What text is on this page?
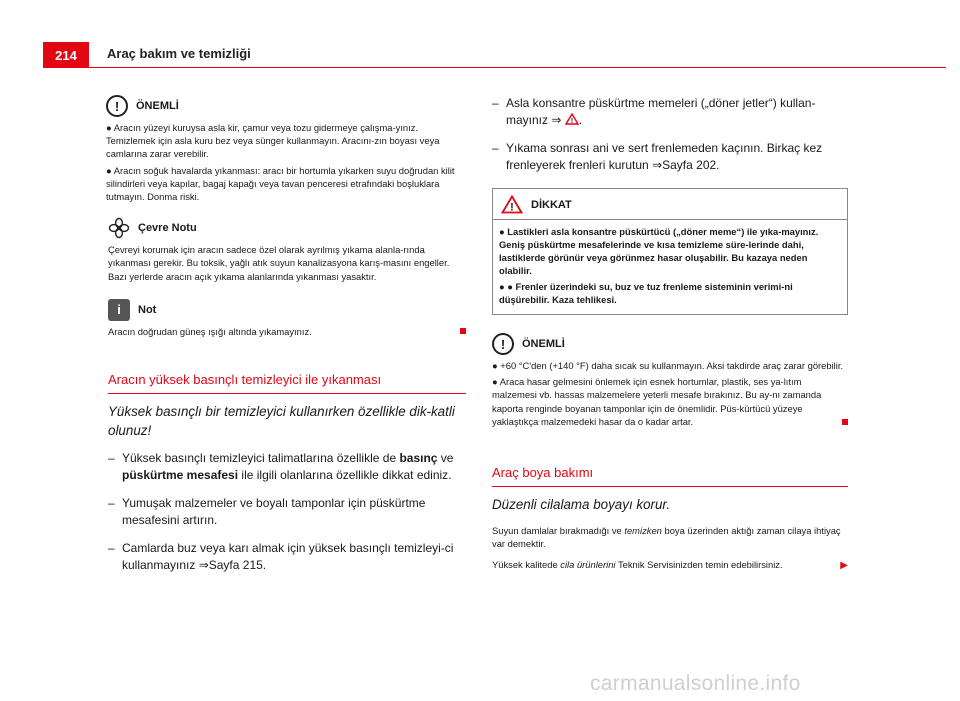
214	Araç bakım ve temizliği
!	ÖNEMLİ

● Aracın yüzeyi kuruysa asla kir, çamur veya tozu gidermeye çalışma-yınız. Temizlemek için asla kuru bez veya sünger kullanmayın. Aracını-zın boyası veya camlarına zarar verebilir.

● Aracın soğuk havalarda yıkanması: aracı bir hortumla yıkarken suyu doğrudan kilit silindirleri veya kapılar, bagaj kapağı veya tavan penceresi etrafındaki boşluklara tutmayın. Donma riski.

Çevre Notu

Çevreyi korumak için aracın sadece özel olarak ayrılmış yıkama alanla-rında yıkanması gerekir. Bu toksik, yağlı atık suyun kanalizasyona karış-masını engeller. Bazı yerlerde aracın açık yıkama alanlarında yıkanması yasaktır.

i	Not

Aracın doğrudan güneş ışığı altında yıkamayınız.

Aracın yüksek basınçlı temizleyici ile yıkanması
Yüksek basınçlı bir temizleyici kullanırken özellikle dik-katli olunuz!
– Yüksek basınçlı temizleyici talimatlarına özellikle de basınç ve püskürtme mesafesi ile ilgili olanlarına özellikle dikkat ediniz.
– Yumuşak malzemeler ve boyalı tamponlar için püskürtme mesafesini artırın.
– Camlarda buz veya karı almak için yüksek basınçlı temizleyi-ci kullanmayınız ⇒Sayfa 215.
– Asla konsantre püskürtme memeleri („döner jetler“) kullan-mayınız ⇒ ! .
– Yıkama sonrası ani ve sert frenlemeden kaçının. Birkaç kez frenleyerek frenleri kurutun ⇒Sayfa 202.
! DİKKAT

● Lastikleri asla konsantre püskürtücü („döner meme“) ile yıka-mayınız. Geniş püskürtme mesafelerinde ve kısa temizleme süre-lerinde dahi, lastiklerde görünür veya görünmez hasar oluşabilir. Bu kazaya neden olabilir.

● ● Frenler üzerindeki su, buz ve tuz frenleme sisteminin verimi-ni düşürebilir. Kaza tehlikesi.

!	ÖNEMLİ

● +60 °C'den (+140 °F) daha sıcak su kullanmayın. Aksi takdirde araç zarar görebilir.

● Araca hasar gelmesini önlemek için esnek hortumlar, plastik, ses ya-lıtım malzemesi vb. hassas malzemelere yeterli mesafe bırakınız. Bu ay-nı zamanda kaporta renginde boyanan tamponlar için de önemlidir. Püs-kürtücü yüzeye yaklaştıkça malzemedeki hasar da o kadar artar.

Araç boya bakımı
Düzenli cilalama boyayı korur.

Suyun damlalar bırakmadığı ve temizken boya üzerinden aktığı zaman cilaya ihtiyaç var demektir.

Yüksek kalitede cila ürünlerini Teknik Servisinizden temin edebilirsiniz.	▶
carmanualsonline.info
